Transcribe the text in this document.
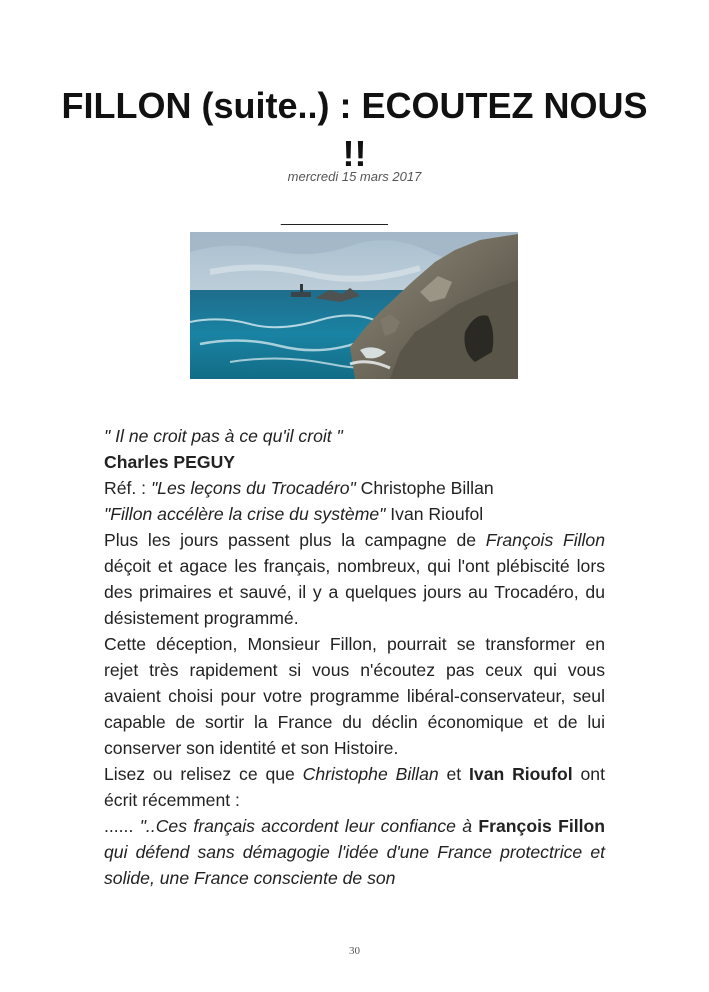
FILLON (suite..) : ECOUTEZ NOUS !!
mercredi 15 mars 2017
____________

" Il ne croit pas à ce qu'il croit "

Charles PEGUY

Réf. : "Les leçons du Trocadéro" Christophe Billan

"Fillon accélère la crise du système" Ivan Rioufol

Plus les jours passent plus la campagne de François Fillon déçoit et agace les français, nombreux, qui l'ont plébiscité lors des primaires et sauvé, il y a quelques jours au Trocadéro, du désistement programmé.

Cette déception, Monsieur Fillon, pourrait se transformer en rejet très rapidement si vous n'écoutez pas ceux qui vous avaient choisi pour votre programme libéral-conservateur, seul capable de sortir la France du déclin économique et de lui conserver son identité et son Histoire.

Lisez ou relisez ce que Christophe Billan et Ivan Rioufol ont écrit récemment :

...... "..Ces français accordent leur confiance à François Fillon qui défend sans démagogie l'idée d'une France protectrice et solide, une France consciente de son

30
